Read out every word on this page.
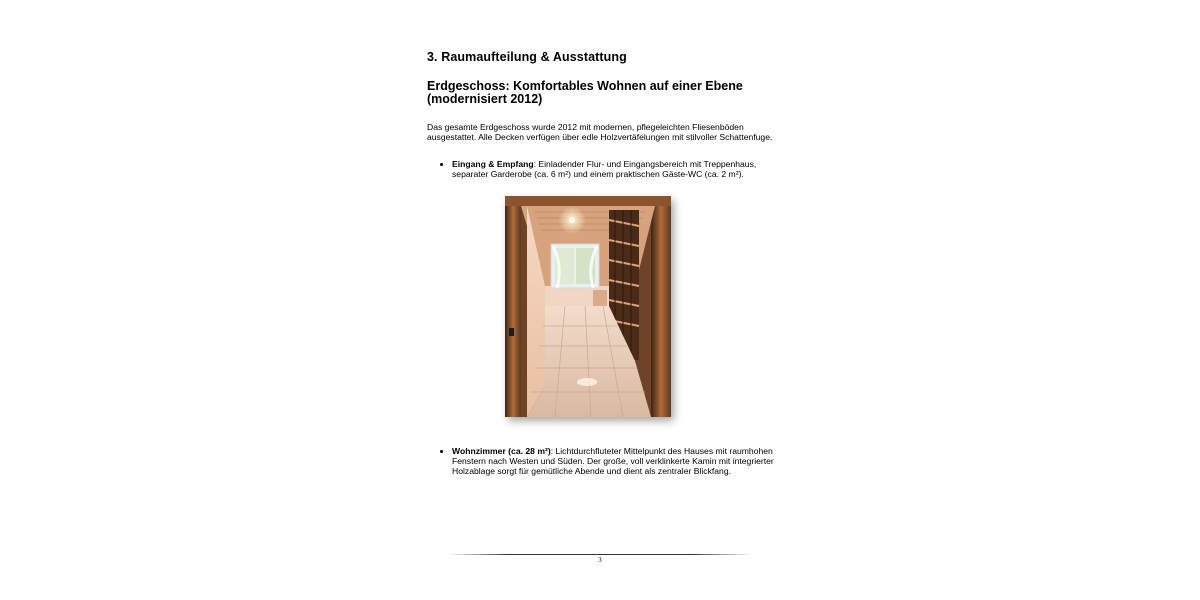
3. Raumaufteilung & Ausstattung
Erdgeschoss: Komfortables Wohnen auf einer Ebene (modernisiert 2012)

Das gesamte Erdgeschoss wurde 2012 mit modernen, pflegeleichten Fliesenböden ausgestattet. Alle Decken verfügen über edle Holzvertäfelungen mit stilvoller Schattenfuge.

Eingang & Empfang: Einladender Flur- und Eingangsbereich mit Treppenhaus, separater Garderobe (ca. 6 m²) und einem praktischen Gäste-WC (ca. 2 m²).
Wohnzimmer (ca. 28 m²): Lichtdurchfluteter Mittelpunkt des Hauses mit raumhohen Fenstern nach Westen und Süden. Der große, voll verklinkerte Kamin mit integrierter Holzablage sorgt für gemütliche Abende und dient als zentraler Blickfang.
3
